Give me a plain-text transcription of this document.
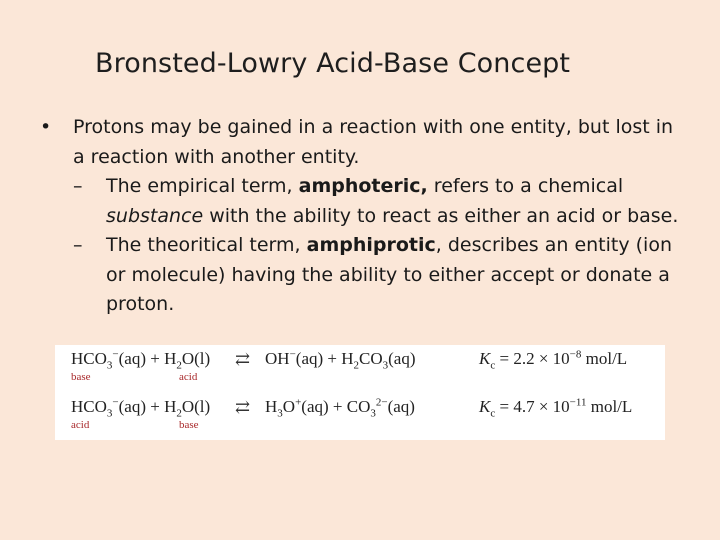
Bronsted-Lowry Acid-Base Concept
• Protons may be gained in a reaction with one entity, but lost in a reaction with another entity.
– The empirical term, amphoteric, refers to a chemical substance with the ability to react as either an acid or base.
– The theoritical term, amphiprotic, describes an entity (ion or molecule) having the ability to either accept or donate a proton.
$HCO_3^-(aq) + H_2O(l)$ ⇄ $OH^-(aq) + H_2CO_3(aq)$	$K_c = 2.2 \times 10^{-8}$ mol/L
base	acid
$HCO_3^-(aq) + H_2O(l)$ ⇄ $H_3O^+(aq) + CO_3^{2-}(aq)$	$K_c = 4.7 \times 10^{-11}$ mol/L
acid	base
